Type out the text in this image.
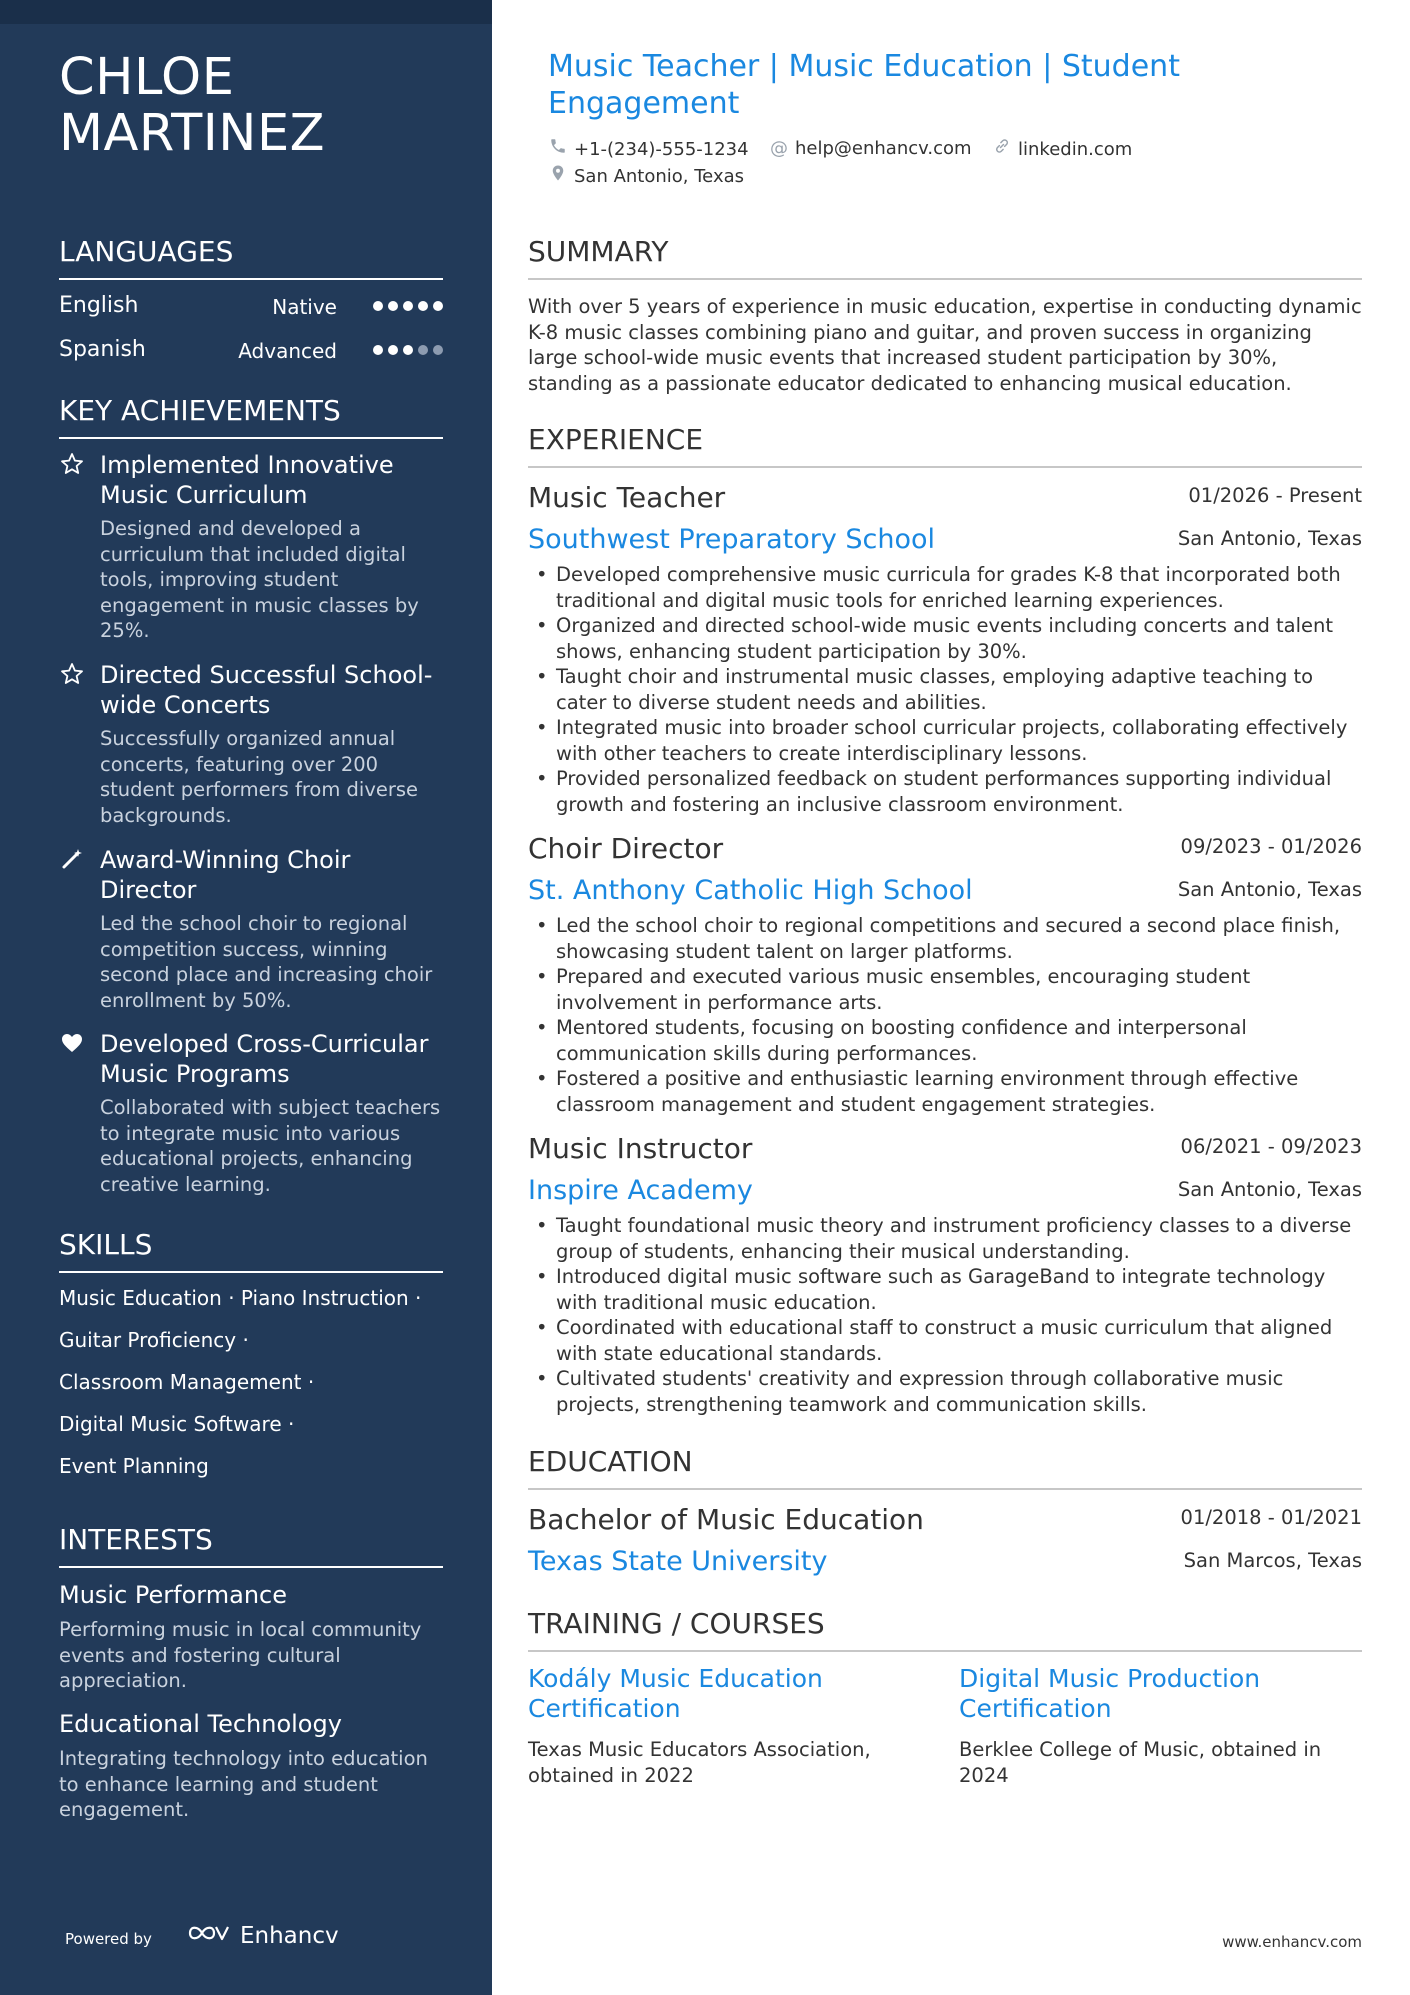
CHLOE
MARTINEZ
LANGUAGES
English	Native
Spanish	Advanced
KEY ACHIEVEMENTS
Implemented Innovative Music Curriculum
Designed and developed a curriculum that included digital tools, improving student engagement in music classes by 25%.
Directed Successful School-wide Concerts
Successfully organized annual concerts, featuring over 200 student performers from diverse backgrounds.
Award-Winning Choir Director
Led the school choir to regional competition success, winning second place and increasing choir enrollment by 50%.
Developed Cross-Curricular Music Programs
Collaborated with subject teachers to integrate music into various educational projects, enhancing creative learning.
SKILLS
Music Education · Piano Instruction ·
Guitar Proficiency ·
Classroom Management ·
Digital Music Software ·
Event Planning
INTERESTS
Music Performance
Performing music in local community events and fostering cultural appreciation.
Educational Technology
Integrating technology into education to enhance learning and student engagement.
Powered by	Enhancv
Music Teacher | Music Education | Student Engagement
+1-(234)-555-1234 @ help@enhancv.com	linkedin.com
San Antonio, Texas
SUMMARY
With over 5 years of experience in music education, expertise in conducting dynamic K-8 music classes combining piano and guitar, and proven success in organizing large school-wide music events that increased student participation by 30%, standing as a passionate educator dedicated to enhancing musical education.
EXPERIENCE
Music Teacher	01/2026 - Present
Southwest Preparatory School	San Antonio, Texas
• Developed comprehensive music curricula for grades K-8 that incorporated both traditional and digital music tools for enriched learning experiences.
• Organized and directed school-wide music events including concerts and talent shows, enhancing student participation by 30%.
• Taught choir and instrumental music classes, employing adaptive teaching to cater to diverse student needs and abilities.
• Integrated music into broader school curricular projects, collaborating effectively with other teachers to create interdisciplinary lessons.
• Provided personalized feedback on student performances supporting individual growth and fostering an inclusive classroom environment.
Choir Director	09/2023 - 01/2026
St. Anthony Catholic High School	San Antonio, Texas
• Led the school choir to regional competitions and secured a second place finish, showcasing student talent on larger platforms.
• Prepared and executed various music ensembles, encouraging student involvement in performance arts.
• Mentored students, focusing on boosting confidence and interpersonal communication skills during performances.
• Fostered a positive and enthusiastic learning environment through effective classroom management and student engagement strategies.
Music Instructor	06/2021 - 09/2023
Inspire Academy	San Antonio, Texas
• Taught foundational music theory and instrument proficiency classes to a diverse group of students, enhancing their musical understanding.
• Introduced digital music software such as GarageBand to integrate technology with traditional music education.
• Coordinated with educational staff to construct a music curriculum that aligned with state educational standards.
• Cultivated students' creativity and expression through collaborative music projects, strengthening teamwork and communication skills.
EDUCATION
Bachelor of Music Education	01/2018 - 01/2021
Texas State University	San Marcos, Texas
TRAINING / COURSES
Kodály Music Education Certification
Texas Music Educators Association, obtained in 2022
Digital Music Production Certification
Berklee College of Music, obtained in 2024
www.enhancv.com
